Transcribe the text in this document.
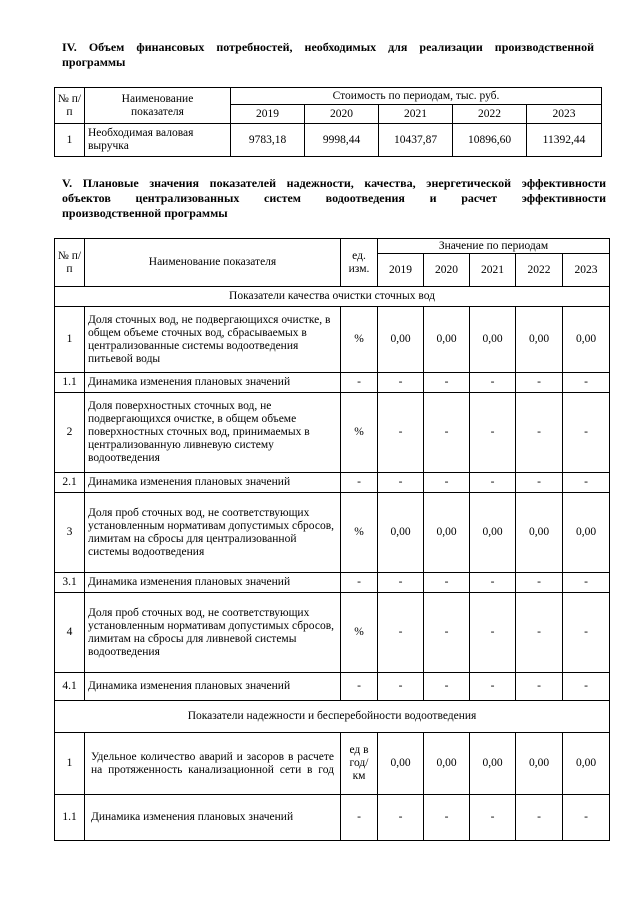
IV. Объем финансовых потребностей, необходимых для реализации производственной
программы
№ п/п	Наименование показателя	Стоимость по периодам, тыс. руб.				
		2019	2020	2021	2022	2023
1	Необходимая валовая выручка	9783,18	9998,44	10437,87	10896,60	11392,44
V. Плановые значения показателей надежности, качества, энергетической эффективности
объектов централизованных систем водоотведения и расчет эффективности
производственной программы
№ п/ п	Наименование показателя	ед. изм.	Значение по периодам				
			2019	2020	2021	2022	2023
Показатели качества очистки сточных вод							
1	Доля сточных вод, не подвергающихся очистке, в общем объеме сточных вод, сбрасываемых в централизованные системы водоотведения питьевой воды	%	0,00	0,00	0,00	0,00	0,00
1.1	Динамика изменения плановых значений	-	-	-	-	-	-
2	Доля поверхностных сточных вод, не подвергающихся очистке, в общем объеме поверхностных сточных вод, принимаемых в централизованную ливневую систему водоотведения	%	-	-	-	-	-
2.1	Динамика изменения плановых значений	-	-	-	-	-	-
3	Доля проб сточных вод, не соответствующих установленным нормативам допустимых сбросов, лимитам на сбросы для централизованной системы водоотведения	%	0,00	0,00	0,00	0,00	0,00
3.1	Динамика изменения плановых значений	-	-	-	-	-	-
4	Доля проб сточных вод, не соответствующих установленным нормативам допустимых сбросов, лимитам на сбросы для ливневой системы водоотведения	%	-	-	-	-	-
4.1	Динамика изменения плановых значений	-	-	-	-	-	-
Показатели надежности и бесперебойности водоотведения							
1	Удельное количество аварий и засоров в расчете на протяженность канализационной сети в год	ед в год/ км	0,00	0,00	0,00	0,00	0,00
1.1	Динамика изменения плановых значений	-	-	-	-	-	-
